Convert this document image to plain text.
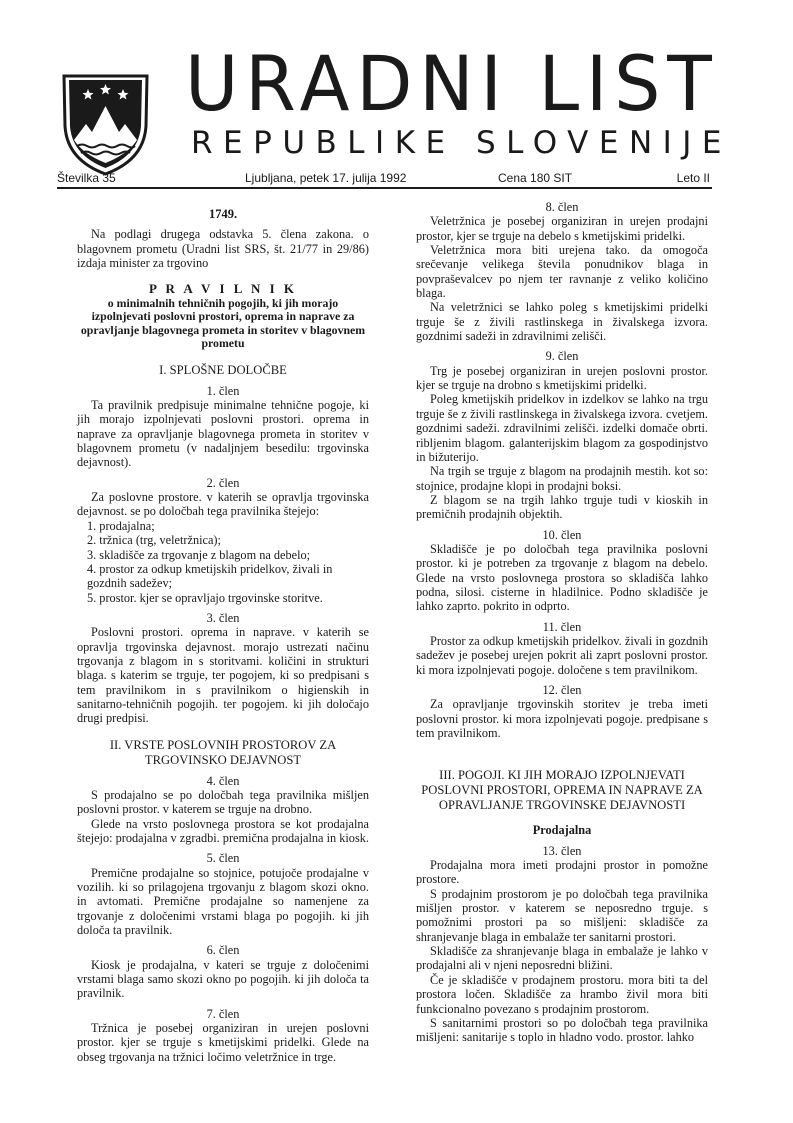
URADNI LIST
REPUBLIKE SLOVENIJE
Številka 35	Ljubljana, petek 17. julija 1992	Cena 180 SIT	Leto II
1749.

Na podlagi drugega odstavka 5. člena zakona. o blagovnem prometu (Uradni list SRS, št. 21/77 in 29/86) izdaja minister za trgovino

P R A V I L N I K
o minimalnih tehničnih pogojih, ki jih morajo izpolnjevati poslovni prostori, oprema in naprave za opravljanje blagovnega prometa in storitev v blagovnem prometu
I. SPLOŠNE DOLOČBE
1. člen

Ta pravilnik predpisuje minimalne tehnične pogoje, ki jih morajo izpolnjevati poslovni prostori. oprema in naprave za opravljanje blagovnega prometa in storitev v blagovnem prometu (v nadaljnjem besedilu: trgovinska dejavnost).

2. člen

Za poslovne prostore. v katerih se opravlja trgovinska dejavnost. se po določbah tega pravilnika štejejo:

1. prodajalna;

2. tržnica (trg, veletržnica);

3. skladišče za trgovanje z blagom na debelo;

4. prostor za odkup kmetijskih pridelkov, živali in gozdnih sadežev;

5. prostor. kjer se opravljajo trgovinske storitve.

3. člen

Poslovni prostori. oprema in naprave. v katerih se opravlja trgovinska dejavnost. morajo ustrezati načinu trgovanja z blagom in s storitvami. količini in strukturi blaga. s katerim se trguje, ter pogojem, ki so predpisani s tem pravilnikom in s pravilnikom o higienskih in sanitarno-tehničnih pogojih. ter pogojem. ki jih določajo drugi predpisi.

II. VRSTE POSLOVNIH PROSTOROV ZA TRGOVINSKO DEJAVNOST
4. člen

S prodajalno se po določbah tega pravilnika mišljen poslovni prostor. v katerem se trguje na drobno.

Glede na vrsto poslovnega prostora se kot prodajalna štejejo: prodajalna v zgradbi. premična prodajalna in kiosk.

5. člen

Premične prodajalne so stojnice, potujoče prodajalne v vozilih. ki so prilagojena trgovanju z blagom skozi okno. in avtomati. Premične prodajalne so namenjene za trgovanje z določenimi vrstami blaga po pogojih. ki jih določa ta pravilnik.

6. člen

Kiosk je prodajalna, v kateri se trguje z določenimi vrstami blaga samo skozi okno po pogojih. ki jih določa ta pravilnik.

7. člen

Tržnica je posebej organiziran in urejen poslovni prostor. kjer se trguje s kmetijskimi pridelki. Glede na obseg trgovanja na tržnici ločimo veletržnice in trge.

8. člen

Veletržnica je posebej organiziran in urejen prodajni prostor, kjer se trguje na debelo s kmetijskimi pridelki.

Veletržnica mora biti urejena tako. da omogoča srečevanje velikega števila ponudnikov blaga in povpraševalcev po njem ter ravnanje z veliko količino blaga.

Na veletržnici se lahko poleg s kmetijskimi pridelki trguje še z živili rastlinskega in živalskega izvora. gozdnimi sadeži in zdravilnimi zelišči.

9. člen

Trg je posebej organiziran in urejen poslovni prostor. kjer se trguje na drobno s kmetijskimi pridelki.

Poleg kmetijskih pridelkov in izdelkov se lahko na trgu trguje še z živili rastlinskega in živalskega izvora. cvetjem. gozdnimi sadeži. zdravilnimi zelišči. izdelki domače obrti. ribljenim blagom. galanterijskim blagom za gospodinjstvo in bižuterijo.

Na trgih se trguje z blagom na prodajnih mestih. kot so: stojnice, prodajne klopi in prodajni boksi.

Z blagom se na trgih lahko trguje tudi v kioskih in premičnih prodajnih objektih.

10. člen

Skladišče je po določbah tega pravilnika poslovni prostor. ki je potreben za trgovanje z blagom na debelo. Glede na vrsto poslovnega prostora so skladišča lahko podna, silosi. cisterne in hladilnice. Podno skladišče je lahko zaprto. pokrito in odprto.

11. člen

Prostor za odkup kmetijskih pridelkov. živali in gozdnih sadežev je posebej urejen pokrit ali zaprt poslovni prostor. ki mora izpolnjevati pogoje. določene s tem pravilnikom.

12. člen

Za opravljanje trgovinskih storitev je treba imeti poslovni prostor. ki mora izpolnjevati pogoje. predpisane s tem pravilnikom.

III. POGOJI. KI JIH MORAJO IZPOLNJEVATI POSLOVNI PROSTORI, OPREMA IN NAPRAVE ZA OPRAVLJANJE TRGOVINSKE DEJAVNOSTI
Prodajalna
13. člen

Prodajalna mora imeti prodajni prostor in pomožne prostore.

S prodajnim prostorom je po določbah tega pravilnika mišljen prostor. v katerem se neposredno trguje. s pomožnimi prostori pa so mišljeni: skladišče za shranjevanje blaga in embalaže ter sanitarni prostori.

Skladišče za shranjevanje blaga in embalaže je lahko v prodajalni ali v njeni neposredni bližini.

Če je skladišče v prodajnem prostoru. mora biti ta del prostora ločen. Skladišče za hrambo živil mora biti funkcionalno povezano s prodajnim prostorom.

S sanitarnimi prostori so po določbah tega pravilnika mišljeni: sanitarije s toplo in hladno vodo. prostor. lahko
